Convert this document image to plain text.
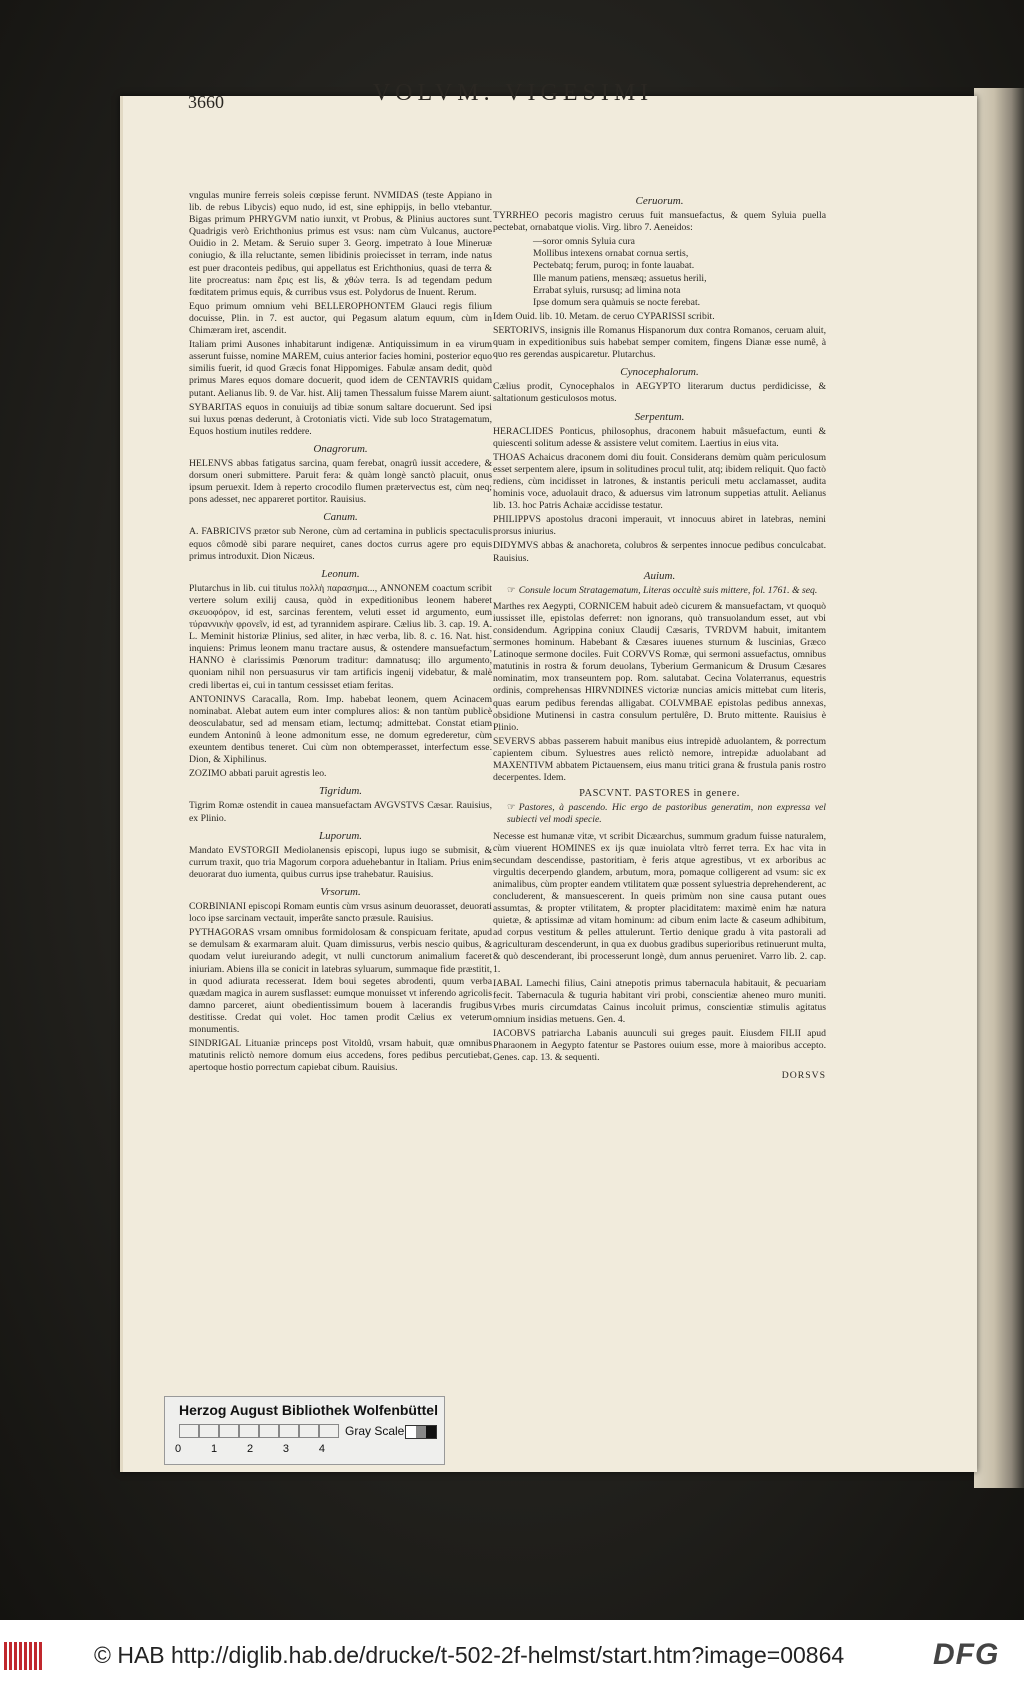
3660	VOLVM. VIGESIMI

vngulas munire ferreis soleis cœpisse ferunt. NVMIDAS (teste Appiano in lib. de rebus Libycis) equo nudo, id est, sine ephippijs, in bello vtebantur. Bigas primum PHRYGVM natio iunxit, vt Probus, & Plinius auctores sunt. Quadrigis verò Erichthonius primus est vsus: nam cùm Vulcanus, auctore Ouidio in 2. Metam. & Seruio super 3. Georg. impetrato à Ioue Mineruæ coniugio, & illa reluctante, semen libidinis proiecisset in terram, inde natus est puer draconteis pedibus, qui appellatus est Erichthonius, quasi de terra & lite procreatus: nam ἔρις est lis, & χθὼν terra. Is ad tegendam pedum fœditatem primus equis, & curribus vsus est. Polydorus de Inuent. Rerum.

Equo primum omnium vehi BELLEROPHONTEM Glauci regis filium docuisse, Plin. in 7. est auctor, qui Pegasum alatum equum, cùm in Chimæram iret, ascendit.

Italiam primi Ausones inhabitarunt indigenæ. Antiquissimum in ea virum asserunt fuisse, nomine MAREM, cuius anterior facies homini, posterior equo similis fuerit, id quod Græcis fonat Hippomiges. Fabulæ ansam dedit, quòd primus Mares equos domare docuerit, quod idem de CENTAVRIS quidam putant. Aelianus lib. 9. de Var. hist. Alij tamen Thessalum fuisse Marem aiunt.

SYBARITAS equos in conuiuijs ad tibiæ sonum saltare docuerunt. Sed ipsi sui luxus pœnas dederunt, à Crotoniatis victi. Vide sub loco Stratagematum, Equos hostium inutiles reddere.

Onagrorum.

HELENVS abbas fatigatus sarcina, quam ferebat, onagrû iussit accedere, & dorsum oneri submittere. Paruit fera: & quàm longè sanctò placuit, onus ipsum peruexit. Idem à reperto crocodilo flumen prætervectus est, cùm neq; pons adesset, nec appareret portitor. Rauisius.

Canum.

A. FABRICIVS prætor sub Nerone, cùm ad certamina in publicis spectaculis equos cômodè sibi parare nequiret, canes doctos currus agere pro equis primus introduxit. Dion Nicæus.

Leonum.

Plutarchus in lib. cui titulus πολλὴ παρασημα..., ANNONEM coactum scribit vertere solum exilij causa, quòd in expeditionibus leonem haberet σκευοφόρον, id est, sarcinas ferentem, veluti esset id argumento, eum τύραννικὴν φρονεῖν, id est, ad tyrannidem aspirare. Cælius lib. 3. cap. 19. A. L. Meminit historiæ Plinius, sed aliter, in hæc verba, lib. 8. c. 16. Nat. hist. inquiens: Primus leonem manu tractare ausus, & ostendere mansuefactum, HANNO è clarissimis Pœnorum traditur: damnatusq; illo argumento, quoniam nihil non persuasurus vir tam artificis ingenij videbatur, & malè credi libertas ei, cui in tantum cessisset etiam feritas.

ANTONINVS Caracalla, Rom. Imp. habebat leonem, quem Acinacem nominabat. Alebat autem eum inter complures alios: & non tantùm publicè deosculabatur, sed ad mensam etiam, lectumq; admittebat. Constat etiam eundem Antoninû à leone admonitum esse, ne domum egrederetur, cùm exeuntem dentibus teneret. Cui cùm non obtemperasset, interfectum esse. Dion, & Xiphilinus.

ZOZIMO abbati paruit agrestis leo.

Tigridum.

Tigrim Romæ ostendit in cauea mansuefactam AVGVSTVS Cæsar. Rauisius, ex Plinio.

Luporum.

Mandato EVSTORGII Mediolanensis episcopi, lupus iugo se submisit, & currum traxit, quo tria Magorum corpora aduehebantur in Italiam. Prius enim deuorarat duo iumenta, quibus currus ipse trahebatur. Rauisius.

Vrsorum.

CORBINIANI episcopi Romam euntis cùm vrsus asinum deuorasset, deuorati loco ipse sarcinam vectauit, imperâte sancto præsule. Rauisius.

PYTHAGORAS vrsam omnibus formidolosam & conspicuam feritate, apud se demulsam & exarmaram aluit. Quam dimissurus, verbis nescio quibus, & quodam velut iureiurando adegit, vt nulli cunctorum animalium faceret iniuriam. Abiens illa se conicit in latebras syluarum, summaque fide præstitit, in quod adiurata recesserat. Idem boui segetes abrodenti, quum verba quædam magica in aurem susflasset: eumque monuisset vt inferendo agricolis damno parceret, aiunt obedientissimum bouem à lacerandis frugibus destitisse. Credat qui volet. Hoc tamen prodit Cælius ex veterum monumentis.

SINDRIGAL Lituaniæ princeps post Vitoldû, vrsam habuit, quæ omnibus matutinis relictò nemore domum eius accedens, fores pedibus percutiebat, apertoque hostio porrectum capiebat cibum. Rauisius.

Ceruorum.

TYRRHEO pecoris magistro ceruus fuit mansuefactus, & quem Syluia puella pectebat, ornabatque violis. Virg. libro 7. Aeneidos:

—soror omnis Syluia cura
Mollibus intexens ornabat cornua sertis,
Pectebatq; ferum, puroq; in fonte lauabat.
Ille manum patiens, mensæq; assuetus herili,
Errabat syluis, rursusq; ad limina nota
Ipse domum sera quàmuis se nocte ferebat.

Idem Ouid. lib. 10. Metam. de ceruo CYPARISSI scribit.

SERTORIVS, insignis ille Romanus Hispanorum dux contra Romanos, ceruam aluit, quam in expeditionibus suis habebat semper comitem, fingens Dianæ esse numê, à quo res gerendas auspicaretur. Plutarchus.

Cynocephalorum.

Cælius prodit, Cynocephalos in AEGYPTO literarum ductus perdidicisse, & saltationum gesticulosos motus.

Serpentum.

HERACLIDES Ponticus, philosophus, draconem habuit mâsuefactum, eunti & quiescenti solitum adesse & assistere velut comitem. Laertius in eius vita.

THOAS Achaicus draconem domi diu fouit. Considerans demùm quàm periculosum esset serpentem alere, ipsum in solitudines procul tulit, atq; ibidem reliquit. Quo factò rediens, cùm incidisset in latrones, & instantis periculi metu acclamasset, audita hominis voce, aduolauit draco, & aduersus vim latronum suppetias attulit. Aelianus lib. 13. hoc Patris Achaiæ accidisse testatur.

PHILIPPVS apostolus draconi imperauit, vt innocuus abiret in latebras, nemini prorsus iniurius.

DIDYMVS abbas & anachoreta, colubros & serpentes innocue pedibus conculcabat. Rauisius.

Auium.

☞ Consule locum Stratagematum, Literas occultè suis mittere, fol. 1761. & seq.

Marthes rex Aegypti, CORNICEM habuit adeò cicurem & mansuefactam, vt quoquò iussisset ille, epistolas deferret: non ignorans, quò transuolandum esset, aut vbi considendum. Agrippina coniux Claudij Cæsaris, TVRDVM habuit, imitantem sermones hominum. Habebant & Cæsares iuuenes sturnum & luscinias, Græco Latinoque sermone dociles. Fuit CORVVS Romæ, qui sermoni assuefactus, omnibus matutinis in rostra & forum deuolans, Tyberium Germanicum & Drusum Cæsares nominatim, mox transeuntem pop. Rom. salutabat. Cecina Volaterranus, equestris ordinis, comprehensas HIRVNDINES victoriæ nuncias amicis mittebat cum literis, quas earum pedibus ferendas alligabat. COLVMBAE epistolas pedibus annexas, obsidione Mutinensi in castra consulum pertulêre, D. Bruto mittente. Rauisius è Plinio.

SEVERVS abbas passerem habuit manibus eius intrepidè aduolantem, & porrectum capientem cibum. Syluestres aues relictò nemore, intrepidæ aduolabant ad MAXENTIVM abbatem Pictauensem, eius manu tritici grana & frustula panis rostro decerpentes. Idem.

PASCVNT. PASTORES in genere.

☞ Pastores, à pascendo. Hic ergo de pastoribus generatim, non expressa vel subiecti vel modi specie.

Necesse est humanæ vitæ, vt scribit Dicæarchus, summum gradum fuisse naturalem, cùm viuerent HOMINES ex ijs quæ inuiolata vltrò ferret terra. Ex hac vita in secundam descendisse, pastoritiam, è feris atque agrestibus, vt ex arboribus ac virgultis decerpendo glandem, arbutum, mora, pomaque colligerent ad vsum: sic ex animalibus, cùm propter eandem vtilitatem quæ possent syluestria deprehenderent, ac concluderent, & mansuescerent. In queis primùm non sine causa putant oues assumtas, & propter vtilitatem, & propter placiditatem: maximè enim hæ natura quietæ, & aptissimæ ad vitam hominum: ad cibum enim lacte & caseum adhibitum, ad corpus vestitum & pelles attulerunt. Tertio denique gradu à vita pastorali ad agriculturam descenderunt, in qua ex duobus gradibus superioribus retinuerunt multa, & quò descenderant, ibi processerunt longè, dum annus perueniret. Varro lib. 2. cap. 1.

IABAL Lamechi filius, Caini atnepotis primus tabernacula habitauit, & pecuariam fecit. Tabernacula & tuguria habitant viri probi, conscientiæ aheneo muro muniti. Vrbes muris circumdatas Cainus incoluit primus, conscientiæ stimulis agitatus omnium insidias metuens. Gen. 4.

IACOBVS patriarcha Labanis auunculi sui greges pauit. Eiusdem FILII apud Pharaonem in Aegypto fatentur se Pastores ouium esse, more à maioribus accepto. Genes. cap. 13. & sequenti.

DORSVS

Herzog August Bibliothek Wolfenbüttel
Gray Scale
0	1	2	3	4
© HAB http://diglib.hab.de/drucke/t-502-2f-helmst/start.htm?image=00864	DFG
